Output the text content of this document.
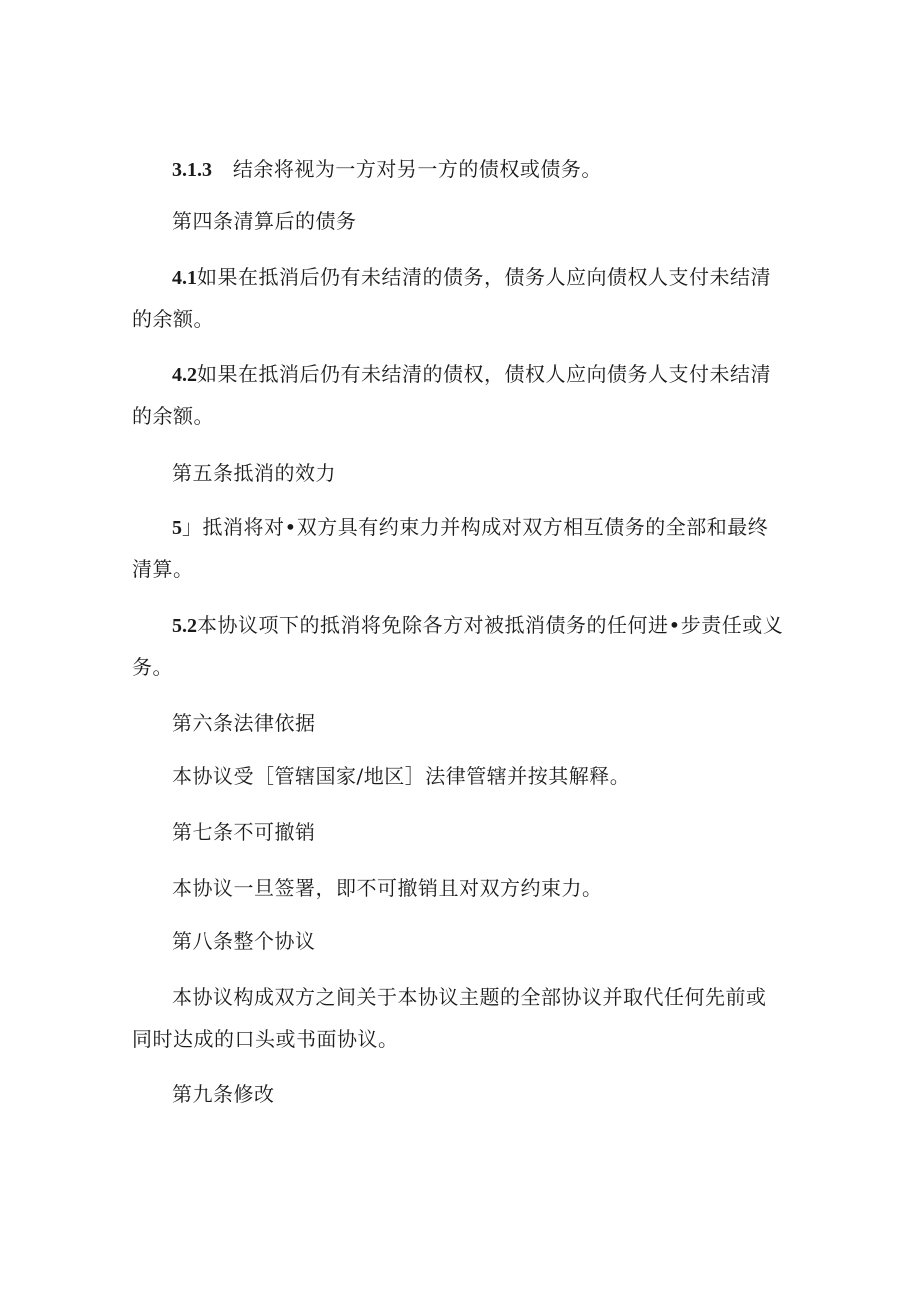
3.1.3 结余将视为一方对另一方的债权或债务。
第四条清算后的债务
4.1如果在抵消后仍有未结清的债务，债务人应向债权人支付未结清
的余额。
4.2如果在抵消后仍有未结清的债权，债权人应向债务人支付未结清
的余额。
第五条抵消的效力
5」抵消将对•双方具有约束力并构成对双方相互债务的全部和最终
清算。
5.2本协议项下的抵消将免除各方对被抵消债务的任何进•步责任或义
务。
第六条法律依据
本协议受［管辖国家/地区］法律管辖并按其解释。
第七条不可撤销
本协议一旦签署，即不可撤销且对双方约束力。
第八条整个协议
本协议构成双方之间关于本协议主题的全部协议并取代任何先前或
同时达成的口头或书面协议。
第九条修改
